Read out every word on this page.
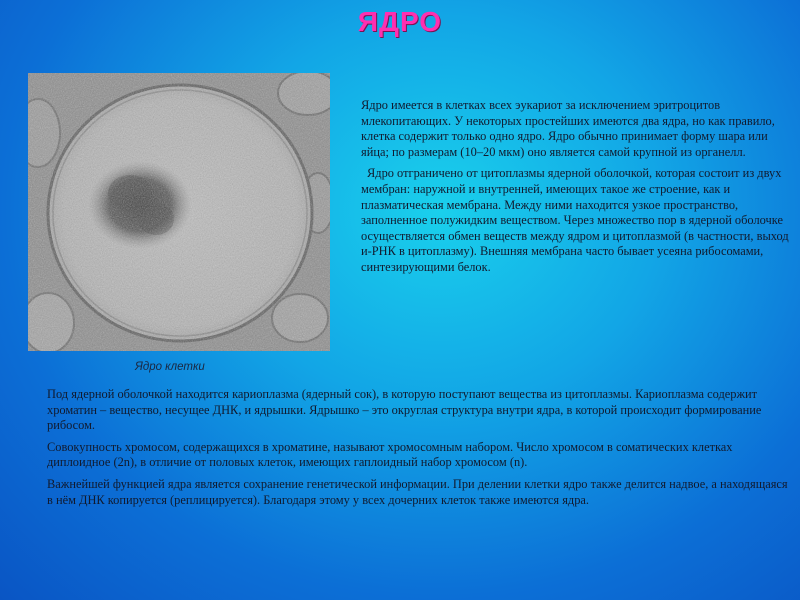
ЯДРО
Ядро клетки

Ядро имеется в клетках всех эукариот за исключением эритроцитов млекопитающих. У некоторых простейших имеются два ядра, но как правило, клетка содержит только одно ядро. Ядро обычно принимает форму шара или яйца; по размерам (10–20 мкм) оно является самой крупной из органелл.

Ядро отграничено от цитоплазмы ядерной оболочкой, которая состоит из двух мембран: наружной и внутренней, имеющих такое же строение, как и плазматическая мембрана. Между ними находится узкое пространство, заполненное полужидким веществом. Через множество пор в ядерной оболочке осуществляется обмен веществ между ядром и цитоплазмой (в частности, выход и-РНК в цитоплазму). Внешняя мембрана часто бывает усеяна рибосомами, синтезирующими белок.

Под ядерной оболочкой находится кариоплазма (ядерный сок), в которую поступают вещества из цитоплазмы. Кариоплазма содержит хроматин – вещество, несущее ДНК, и ядрышки. Ядрышко – это округлая структура внутри ядра, в которой происходит формирование рибосом.

Совокупность хромосом, содержащихся в хроматине, называют хромосомным набором. Число хромосом в соматических клетках диплоидное (2n), в отличие от половых клеток, имеющих гаплоидный набор хромосом (n).

Важнейшей функцией ядра является сохранение генетической информации. При делении клетки ядро также делится надвое, а находящаяся в нём ДНК копируется (реплицируется). Благодаря этому у всех дочерних клеток также имеются ядра.
